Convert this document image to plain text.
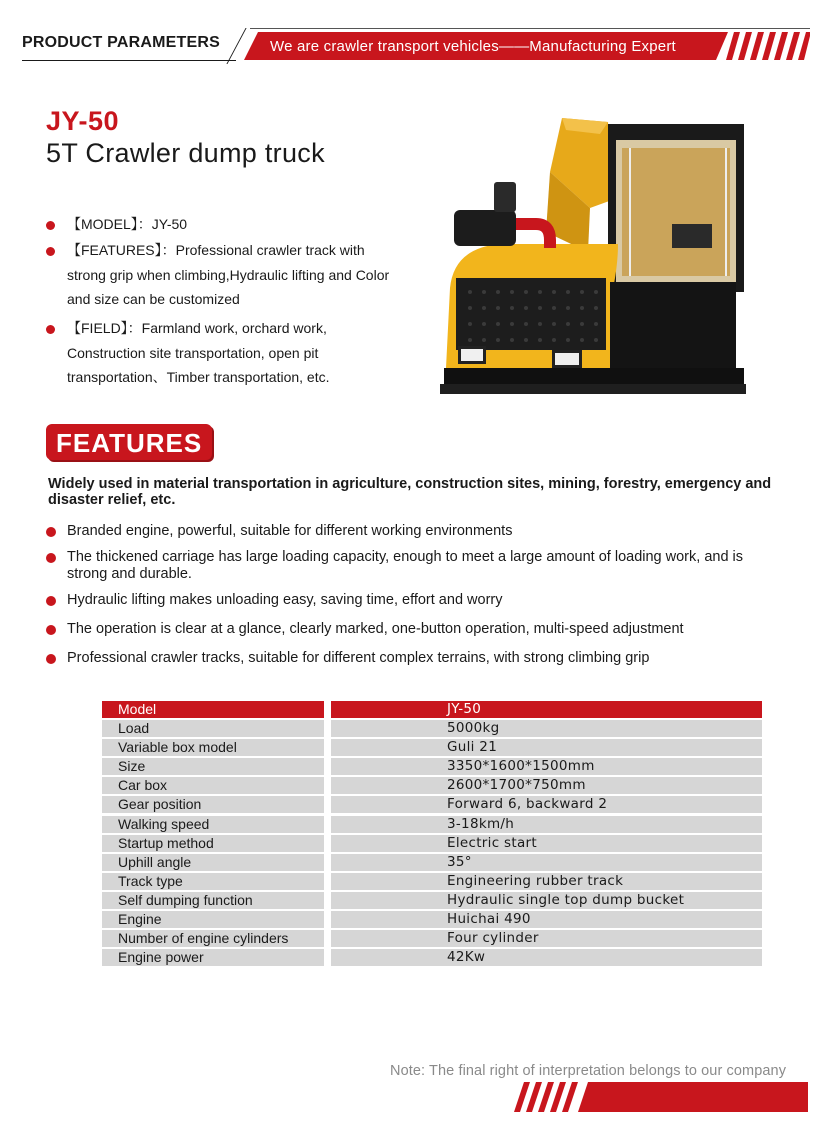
PRODUCT PARAMETERS	We are crawler transport vehicles——Manufacturing Expert
JY-50
5T Crawler dump truck
【MODEL】：JY-50
【FEATURES】：Professional crawler track with strong grip when climbing,Hydraulic lifting and Color and size can be customized
【FIELD】：Farmland work, orchard work, Construction site transportation, open pit transportation、Timber transportation, etc.
FEATURES
Widely used in material transportation in agriculture, construction sites, mining, forestry, emergency and disaster relief, etc.
Branded engine, powerful, suitable for different working environments
The thickened carriage has large loading capacity, enough to meet a large amount of loading work, and is strong and durable.
Hydraulic lifting makes unloading easy, saving time, effort and worry
The operation is clear at a glance, clearly marked, one-button operation, multi-speed adjustment
Professional crawler tracks, suitable for different complex terrains, with strong climbing grip
Model	JY-50
Load	5000kg
Variable box model	Guli 21
Size	3350*1600*1500mm
Car box	2600*1700*750mm
Gear position	Forward 6, backward 2
Walking speed	3-18km/h
Startup method	Electric start
Uphill angle	35°
Track type	Engineering rubber track
Self dumping function	Hydraulic single top dump bucket
Engine	Huichai 490
Number of engine cylinders	Four cylinder
Engine power	42Kw
Note: The final right of interpretation belongs to our company
